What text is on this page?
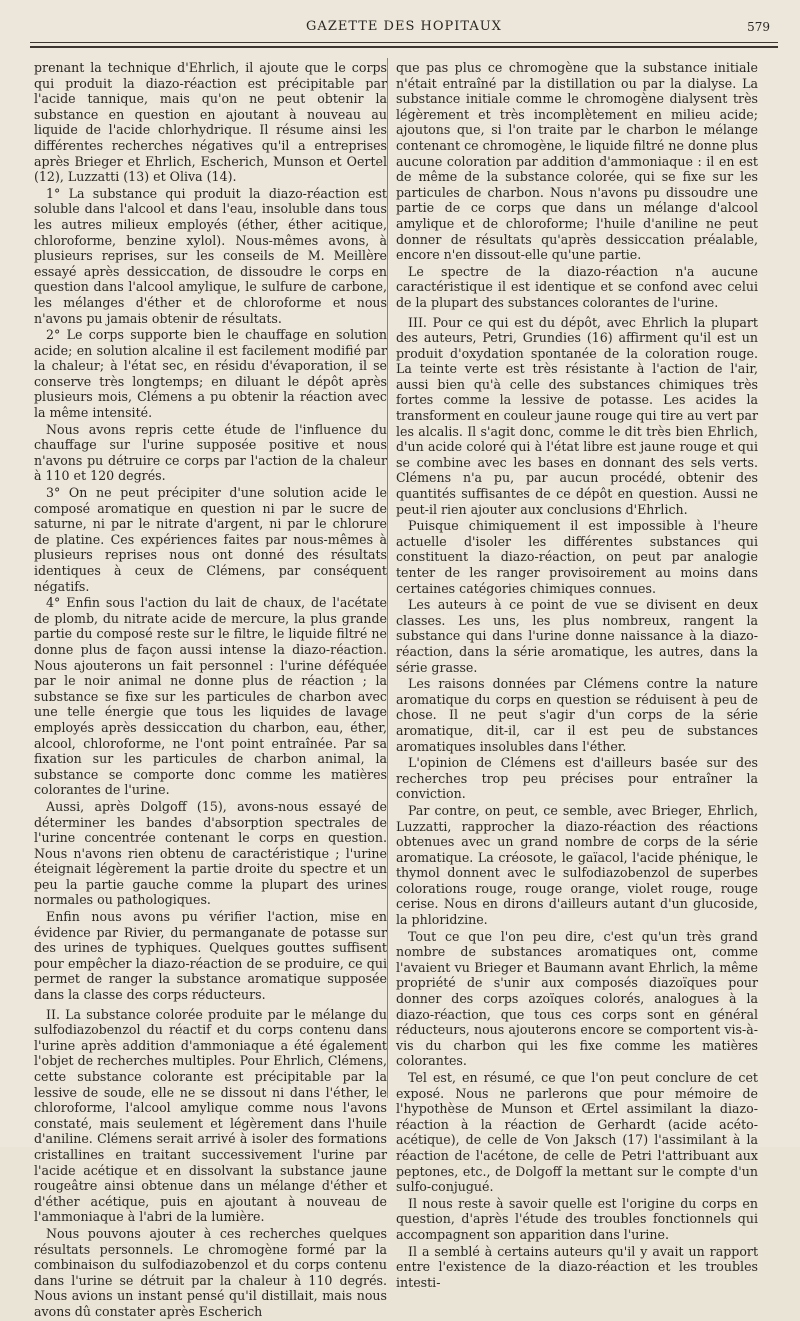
GAZETTE DES HOPITAUX	579

prenant la technique d'Ehrlich, il ajoute que le corps qui produit la diazo-réaction est précipitable par l'acide tannique, mais qu'on ne peut obtenir la substance en question en ajoutant à nouveau au liquide de l'acide chlorhydrique. Il résume ainsi les différentes recherches négatives qu'il a entreprises après Brieger et Ehrlich, Escherich, Munson et Oertel (12), Luzzatti (13) et Oliva (14).

1° La substance qui produit la diazo-réaction est soluble dans l'alcool et dans l'eau, insoluble dans tous les autres milieux employés (éther, éther acitique, chloroforme, benzine xylol). Nous-mêmes avons, à plusieurs reprises, sur les conseils de M. Meillère essayé après dessiccation, de dissoudre le corps en question dans l'alcool amylique, le sulfure de carbone, les mélanges d'éther et de chloroforme et nous n'avons pu jamais obtenir de résultats.

2° Le corps supporte bien le chauffage en solution acide; en solution alcaline il est facilement modifié par la chaleur; à l'état sec, en résidu d'évaporation, il se conserve très longtemps; en diluant le dépôt après plusieurs mois, Clémens a pu obtenir la réaction avec la même intensité.

Nous avons repris cette étude de l'influence du chauffage sur l'urine supposée positive et nous n'avons pu détruire ce corps par l'action de la chaleur à 110 et 120 degrés.

3° On ne peut précipiter d'une solution acide le composé aromatique en question ni par le sucre de saturne, ni par le nitrate d'argent, ni par le chlorure de platine. Ces expériences faites par nous-mêmes à plusieurs reprises nous ont donné des résultats identiques à ceux de Clémens, par conséquent négatifs.

4° Enfin sous l'action du lait de chaux, de l'acétate de plomb, du nitrate acide de mercure, la plus grande partie du composé reste sur le filtre, le liquide filtré ne donne plus de façon aussi intense la diazo-réaction. Nous ajouterons un fait personnel : l'urine déféquée par le noir animal ne donne plus de réaction ; la substance se fixe sur les particules de charbon avec une telle énergie que tous les liquides de lavage employés après dessiccation du charbon, eau, éther, alcool, chloroforme, ne l'ont point entraînée. Par sa fixation sur les particules de charbon animal, la substance se comporte donc comme les matières colorantes de l'urine.

Aussi, après Dolgoff (15), avons-nous essayé de déterminer les bandes d'absorption spectrales de l'urine concentrée contenant le corps en question. Nous n'avons rien obtenu de caractéristique ; l'urine éteignait légèrement la partie droite du spectre et un peu la partie gauche comme la plupart des urines normales ou pathologiques.

Enfin nous avons pu vérifier l'action, mise en évidence par Rivier, du permanganate de potasse sur des urines de typhiques. Quelques gouttes suffisent pour empêcher la diazo-réaction de se produire, ce qui permet de ranger la substance aromatique supposée dans la classe des corps réducteurs.

II. La substance colorée produite par le mélange du sulfodiazobenzol du réactif et du corps contenu dans l'urine après addition d'ammoniaque a été également l'objet de recherches multiples. Pour Ehrlich, Clémens, cette substance colorante est précipitable par la lessive de soude, elle ne se dissout ni dans l'éther, le chloroforme, l'alcool amylique comme nous l'avons constaté, mais seulement et légèrement dans l'huile d'aniline. Clémens serait arrivé à isoler des formations cristallines en traitant successivement l'urine par l'acide acétique et en dissolvant la substance jaune rougeâtre ainsi obtenue dans un mélange d'éther et d'éther acétique, puis en ajoutant à nouveau de l'ammoniaque à l'abri de la lumière.

Nous pouvons ajouter à ces recherches quelques résultats personnels. Le chromogène formé par la combinaison du sulfodiazobenzol et du corps contenu dans l'urine se détruit par la chaleur à 110 degrés. Nous avions un instant pensé qu'il distillait, mais nous avons dû constater après Escherich

que pas plus ce chromogène que la substance initiale n'était entraîné par la distillation ou par la dialyse. La substance initiale comme le chromogène dialysent très légèrement et très incomplètement en milieu acide; ajoutons que, si l'on traite par le charbon le mélange contenant ce chromogène, le liquide filtré ne donne plus aucune coloration par addition d'ammoniaque : il en est de même de la substance colorée, qui se fixe sur les particules de charbon. Nous n'avons pu dissoudre une partie de ce corps que dans un mélange d'alcool amylique et de chloroforme; l'huile d'aniline ne peut donner de résultats qu'après dessiccation préalable, encore n'en dissout-elle qu'une partie.

Le spectre de la diazo-réaction n'a aucune caractéristique il est identique et se confond avec celui de la plupart des substances colorantes de l'urine.

III. Pour ce qui est du dépôt, avec Ehrlich la plupart des auteurs, Petri, Grundies (16) affirment qu'il est un produit d'oxydation spontanée de la coloration rouge. La teinte verte est très résistante à l'action de l'air, aussi bien qu'à celle des substances chimiques très fortes comme la lessive de potasse. Les acides la transforment en couleur jaune rouge qui tire au vert par les alcalis. Il s'agit donc, comme le dit très bien Ehrlich, d'un acide coloré qui à l'état libre est jaune rouge et qui se combine avec les bases en donnant des sels verts. Clémens n'a pu, par aucun procédé, obtenir des quantités suffisantes de ce dépôt en question. Aussi ne peut-il rien ajouter aux conclusions d'Ehrlich.

Puisque chimiquement il est impossible à l'heure actuelle d'isoler les différentes substances qui constituent la diazo-réaction, on peut par analogie tenter de les ranger provisoirement au moins dans certaines catégories chimiques connues.

Les auteurs à ce point de vue se divisent en deux classes. Les uns, les plus nombreux, rangent la substance qui dans l'urine donne naissance à la diazo-réaction, dans la série aromatique, les autres, dans la série grasse.

Les raisons données par Clémens contre la nature aromatique du corps en question se réduisent à peu de chose. Il ne peut s'agir d'un corps de la série aromatique, dit-il, car il est peu de substances aromatiques insolubles dans l'éther.

L'opinion de Clémens est d'ailleurs basée sur des recherches trop peu précises pour entraîner la conviction.

Par contre, on peut, ce semble, avec Brieger, Ehrlich, Luzzatti, rapprocher la diazo-réaction des réactions obtenues avec un grand nombre de corps de la série aromatique. La créosote, le gaïacol, l'acide phénique, le thymol donnent avec le sulfodiazobenzol de superbes colorations rouge, rouge orange, violet rouge, rouge cerise. Nous en dirons d'ailleurs autant d'un glucoside, la phloridzine.

Tout ce que l'on peu dire, c'est qu'un très grand nombre de substances aromatiques ont, comme l'avaient vu Brieger et Baumann avant Ehrlich, la même propriété de s'unir aux composés diazoïques pour donner des corps azoïques colorés, analogues à la diazo-réaction, que tous ces corps sont en général réducteurs, nous ajouterons encore se comportent vis-à-vis du charbon qui les fixe comme les matières colorantes.

Tel est, en résumé, ce que l'on peut conclure de cet exposé. Nous ne parlerons que pour mémoire de l'hypothèse de Munson et Œrtel assimilant la diazo-réaction à la réaction de Gerhardt (acide acéto-acétique), de celle de Von Jaksch (17) l'assimilant à la réaction de l'acétone, de celle de Petri l'attribuant aux peptones, etc., de Dolgoff la mettant sur le compte d'un sulfo-conjugué.

Il nous reste à savoir quelle est l'origine du corps en question, d'après l'étude des troubles fonctionnels qui accompagnent son apparition dans l'urine.

Il a semblé à certains auteurs qu'il y avait un rapport entre l'existence de la diazo-réaction et les troubles intesti-
